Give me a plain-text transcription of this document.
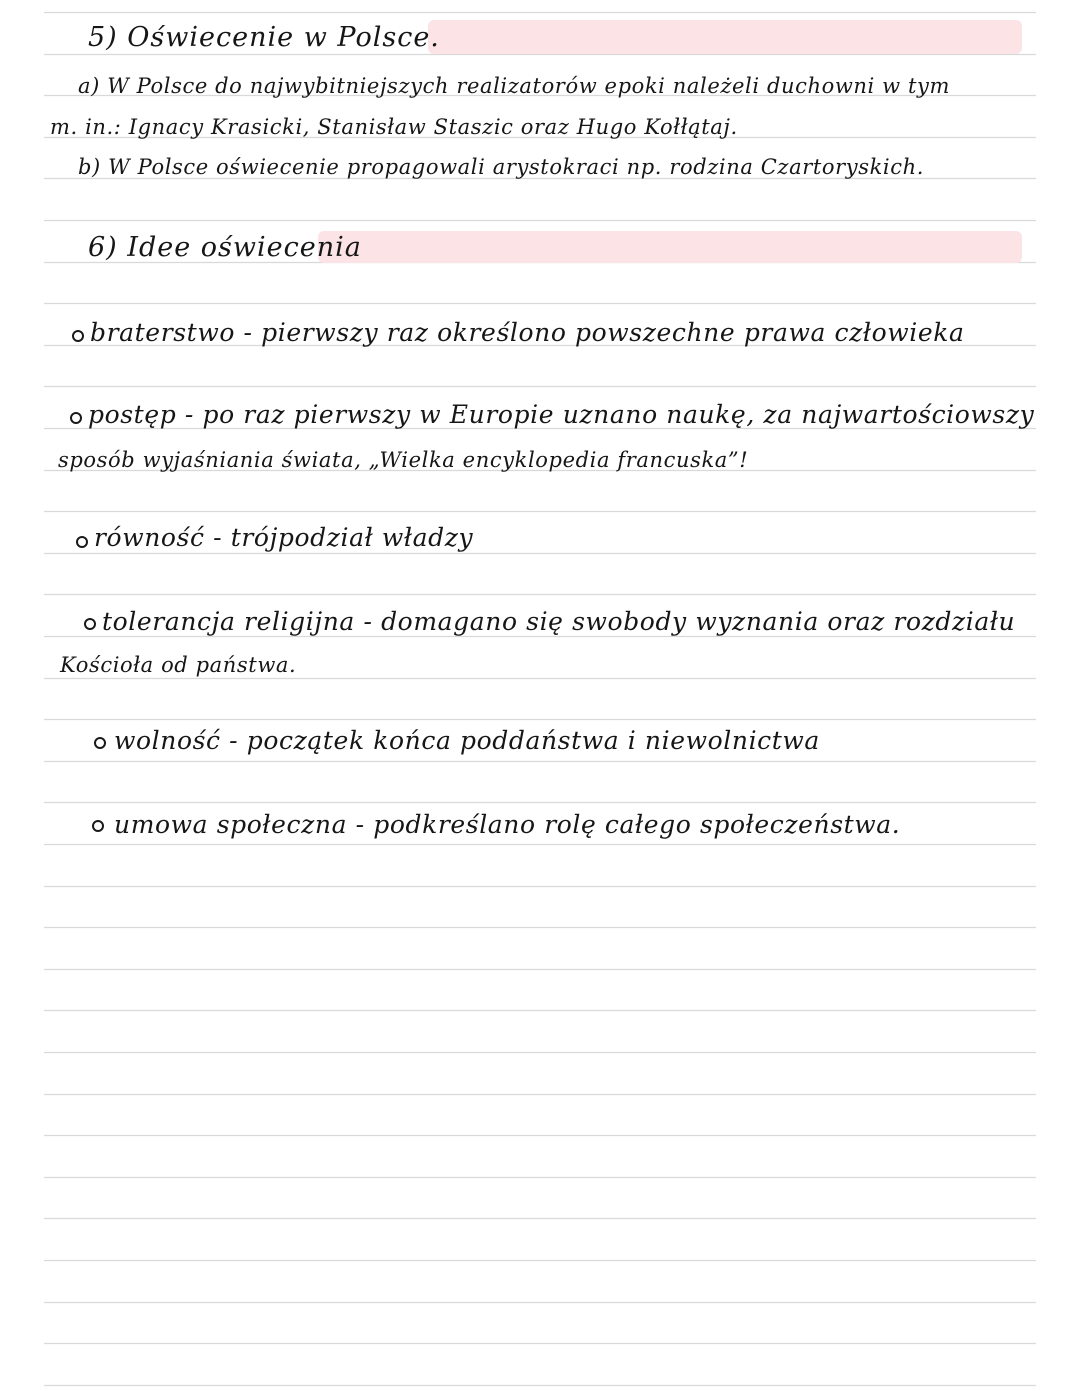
5) Oświecenie w Polsce.
a) W Polsce do najwybitniejszych realizatorów epoki należeli duchowni w tym
m. in.: Ignacy Krasicki, Stanisław Staszic oraz Hugo Kołłątaj.
b) W Polsce oświecenie propagowali arystokraci np. rodzina Czartoryskich.
6) Idee oświecenia
braterstwo - pierwszy raz określono powszechne prawa człowieka
postęp - po raz pierwszy w Europie uznano naukę, za najwartościowszy
sposób wyjaśniania świata, „Wielka encyklopedia francuska”!
równość - trójpodział władzy
tolerancja religijna - domagano się swobody wyznania oraz rozdziału
Kościoła od państwa.
wolność - początek końca poddaństwa i niewolnictwa
umowa społeczna - podkreślano rolę całego społeczeństwa.
